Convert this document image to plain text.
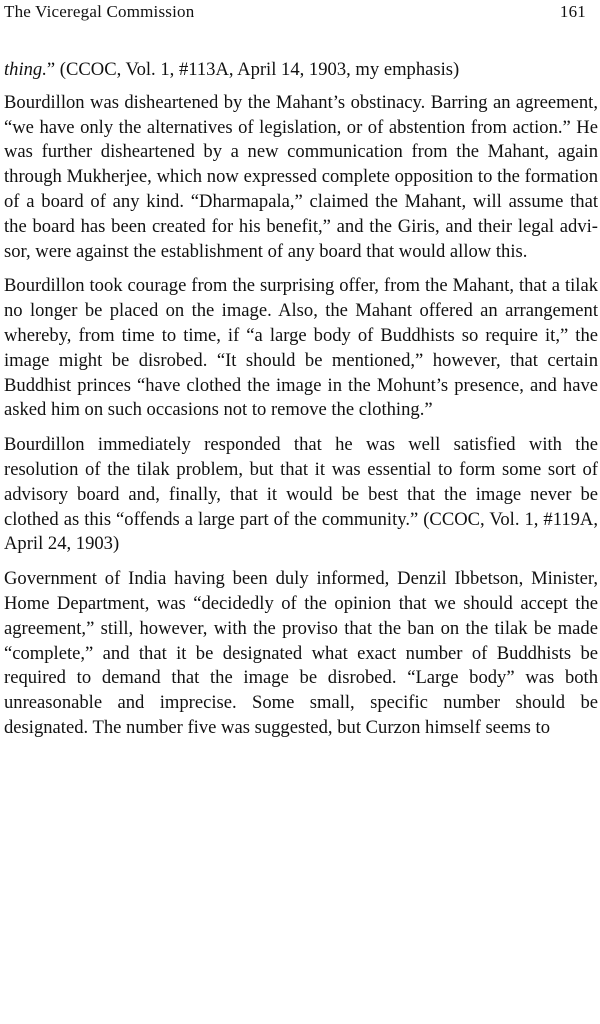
The Viceregal Commission	161

thing.” (CCOC, Vol. 1, #113A, April 14, 1903, my emphasis)

Bourdillon was disheartened by the Mahant’s obstinacy. Barring an agreement, “we have only the alternatives of legislation, or of abstention from action.” He was further disheartened by a new communication from the Mahant, again through Mukherjee, which now expressed complete opposition to the formation of a board of any kind. “Dharmapala,” claimed the Mahant, will assume that the board has been created for his benefit,” and the Giris, and their legal advisor, were against the establishment of any board that would allow this.

Bourdillon took courage from the surprising offer, from the Mahant, that a tilak no longer be placed on the image. Also, the Mahant offered an arrangement whereby, from time to time, if “a large body of Buddhists so require it,” the image might be disrobed. “It should be mentioned,” however, that certain Buddhist princes “have clothed the image in the Mohunt’s presence, and have asked him on such occasions not to remove the clothing.”

Bourdillon immediately responded that he was well satisfied with the resolution of the tilak problem, but that it was essential to form some sort of advisory board and, finally, that it would be best that the image never be clothed as this “offends a large part of the community.” (CCOC, Vol. 1, #119A, April 24, 1903)

Government of India having been duly informed, Denzil Ibbetson, Minister, Home Department, was “decidedly of the opinion that we should accept the agreement,” still, however, with the proviso that the ban on the tilak be made “complete,” and that it be designated what exact number of Buddhists be required to demand that the image be disrobed. “Large body” was both unreasonable and imprecise. Some small, specific number should be designated. The number five was suggested, but Curzon himself seems to
